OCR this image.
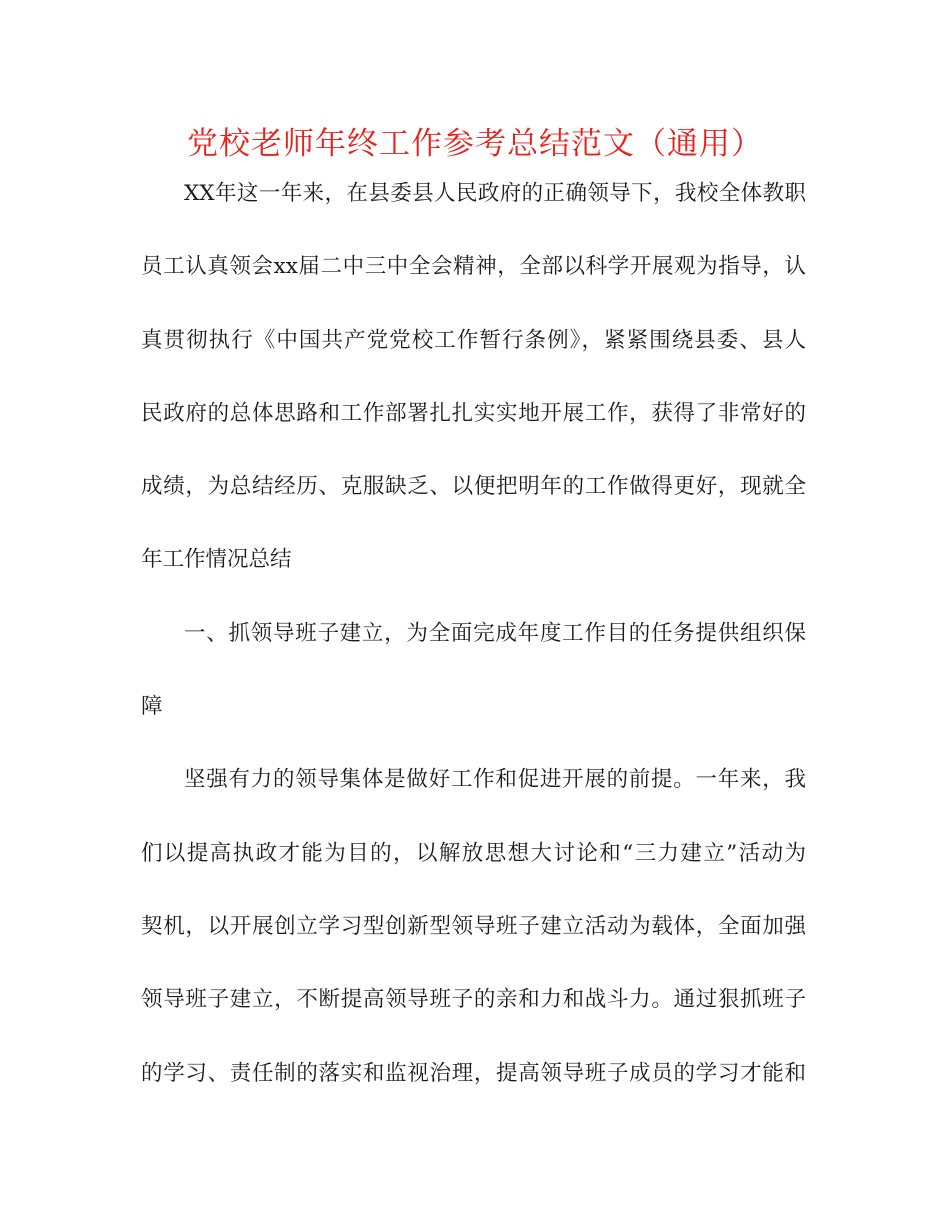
党校老师年终工作参考总结范文（通用）
XX年这一年来，在县委县人民政府的正确领导下，我校全体教职
员工认真领会xx届二中三中全会精神，全部以科学开展观为指导，认
真贯彻执行《中国共产党党校工作暂行条例》，紧紧围绕县委、县人
民政府的总体思路和工作部署扎扎实实地开展工作，获得了非常好的
成绩，为总结经历、克服缺乏、以便把明年的工作做得更好，现就全
年工作情况总结
一、抓领导班子建立，为全面完成年度工作目的任务提供组织保
障
坚强有力的领导集体是做好工作和促进开展的前提。一年来，我
们以提高执政才能为目的，以解放思想大讨论和“三力建立”活动为
契机，以开展创立学习型创新型领导班子建立活动为载体，全面加强
领导班子建立，不断提高领导班子的亲和力和战斗力。通过狠抓班子
的学习、责任制的落实和监视治理，提高领导班子成员的学习才能和
